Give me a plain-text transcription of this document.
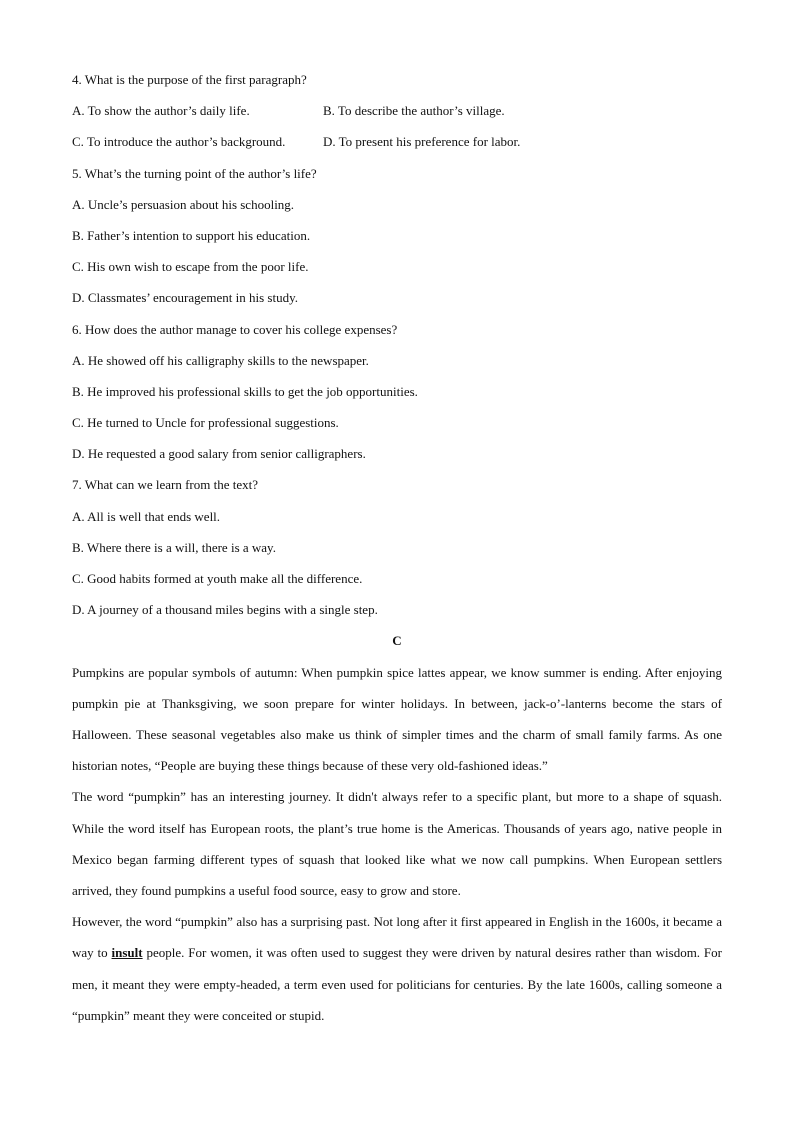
4. What is the purpose of the first paragraph?
A. To show the author’s daily life.	B. To describe the author’s village.
C. To introduce the author’s background.	D. To present his preference for labor.
5. What’s the turning point of the author’s life?
A. Uncle’s persuasion about his schooling.
B. Father’s intention to support his education.
C. His own wish to escape from the poor life.
D. Classmates’ encouragement in his study.
6. How does the author manage to cover his college expenses?
A. He showed off his calligraphy skills to the newspaper.
B. He improved his professional skills to get the job opportunities.
C. He turned to Uncle for professional suggestions.
D. He requested a good salary from senior calligraphers.
7. What can we learn from the text?
A. All is well that ends well.
B. Where there is a will, there is a way.
C. Good habits formed at youth make all the difference.
D. A journey of a thousand miles begins with a single step.
C
Pumpkins are popular symbols of autumn: When pumpkin spice lattes appear, we know summer is ending. After enjoying pumpkin pie at Thanksgiving, we soon prepare for winter holidays. In between, jack-o’-lanterns become the stars of Halloween. These seasonal vegetables also make us think of simpler times and the charm of small family farms. As one historian notes, “People are buying these things because of these very old-fashioned ideas.”
The word “pumpkin” has an interesting journey. It didn't always refer to a specific plant, but more to a shape of squash. While the word itself has European roots, the plant’s true home is the Americas. Thousands of years ago, native people in Mexico began farming different types of squash that looked like what we now call pumpkins. When European settlers arrived, they found pumpkins a useful food source, easy to grow and store.
However, the word “pumpkin” also has a surprising past. Not long after it first appeared in English in the 1600s, it became a way to insult people. For women, it was often used to suggest they were driven by natural desires rather than wisdom. For men, it meant they were empty-headed, a term even used for politicians for centuries. By the late 1600s, calling someone a “pumpkin” meant they were conceited or stupid.
